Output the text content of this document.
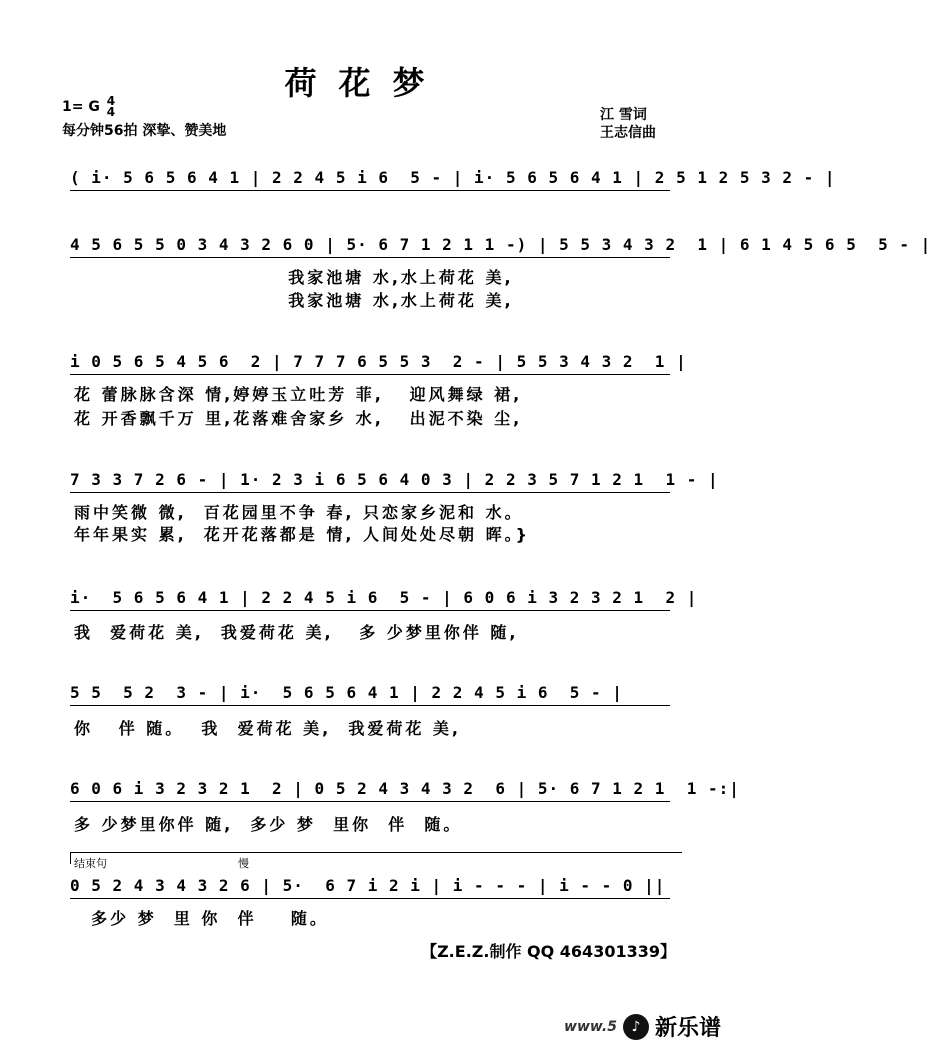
荷花梦
1= G 4
4
每分钟56拍 深挚、赞美地
江 雪词
王志信曲
( i· 5 6 5 6 4 1 | 2 2 4 5 i 6  5 - | i· 5 6 5 6 4 1 | 2 5 1 2 5 3 2 - |
4 5 6 5 5 0 3 4 3 2 6 0 | 5· 6 7 1 2 1 1 -) | 5 5 3 4 3 2  1 | 6 1 4 5 6 5  5 - |
我家池塘 水,水上荷花 美,
我家池塘 水,水上荷花 美,
i 0 5 6 5 4 5 6  2 | 7 7 7 6 5 5 3  2 - | 5 5 3 4 3 2  1 |
花 蕾脉脉含深 情,婷婷玉立吐芳 菲,   迎风舞绿 裙,
花 开香飘千万 里,花落难舍家乡 水,   出泥不染 尘,
7 3 3 7 2 6 - | 1· 2 3 i 6 5 6 4 0 3 | 2 2 3 5 7 1 2 1  1 - |
雨中笑微 微,  百花园里不争 春, 只恋家乡泥和 水。
年年果实 累,  花开花落都是 情, 人间处处尽朝 晖。}
i·  5 6 5 6 4 1 | 2 2 4 5 i 6  5 - | 6 0 6 i 3 2 3 2 1  2 |
我  爱荷花 美,  我爱荷花 美,   多 少梦里你伴 随,
5 5  5 2  3 - | i·  5 6 5 6 4 1 | 2 2 4 5 i 6  5 - |
你   伴 随。  我  爱荷花 美,  我爱荷花 美,
6 0 6 i 3 2 3 2 1  2 | 0 5 2 4 3 4 3 2  6 | 5· 6 7 1 2 1  1 -:|
多 少梦里你伴 随,  多少 梦  里你  伴  随。
结束句	慢
0 5 2 4 3 4 3 2 6 | 5·  6 7 i 2 i | i - - - | i - - 0 ||
多少 梦  里 你  伴    随。
【Z.E.Z.制作 QQ 464301339】
www.5	♪ 新乐谱
